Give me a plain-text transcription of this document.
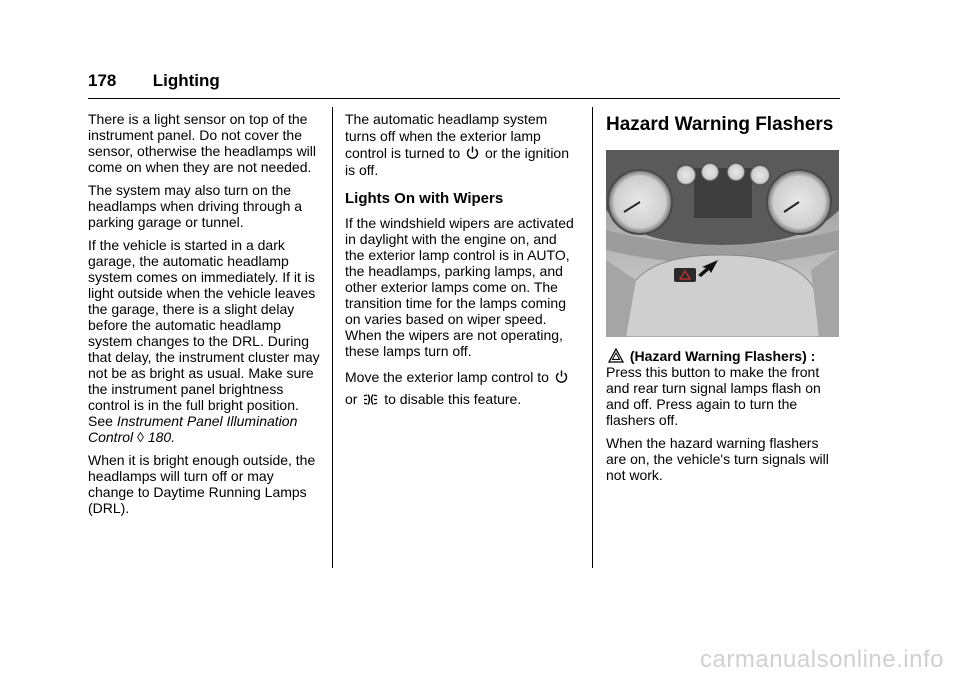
178 Lighting

There is a light sensor on top of the instrument panel. Do not cover the sensor, otherwise the headlamps will come on when they are not needed.

The system may also turn on the headlamps when driving through a parking garage or tunnel.

If the vehicle is started in a dark garage, the automatic headlamp system comes on immediately. If it is light outside when the vehicle leaves the garage, there is a slight delay before the automatic headlamp system changes to the DRL. During that delay, the instrument cluster may not be as bright as usual. Make sure the instrument panel brightness control is in the full bright position. See Instrument Panel Illumination Control ◊ 180.

When it is bright enough outside, the headlamps will turn off or may change to Daytime Running Lamps (DRL).

The automatic headlamp system turns off when the exterior lamp control is turned to or the ignition is off.

Lights On with Wipers

If the windshield wipers are activated in daylight with the engine on, and the exterior lamp control is in AUTO, the headlamps, parking lamps, and other exterior lamps come on. The transition time for the lamps coming on varies based on wiper speed. When the wipers are not operating, these lamps turn off.

Move the exterior lamp control to  or to disable this feature.

Hazard Warning Flashers

(Hazard Warning Flashers) : Press this button to make the front and rear turn signal lamps flash on and off. Press again to turn the flashers off.

When the hazard warning flashers are on, the vehicle's turn signals will not work.

carmanualsonline.info
